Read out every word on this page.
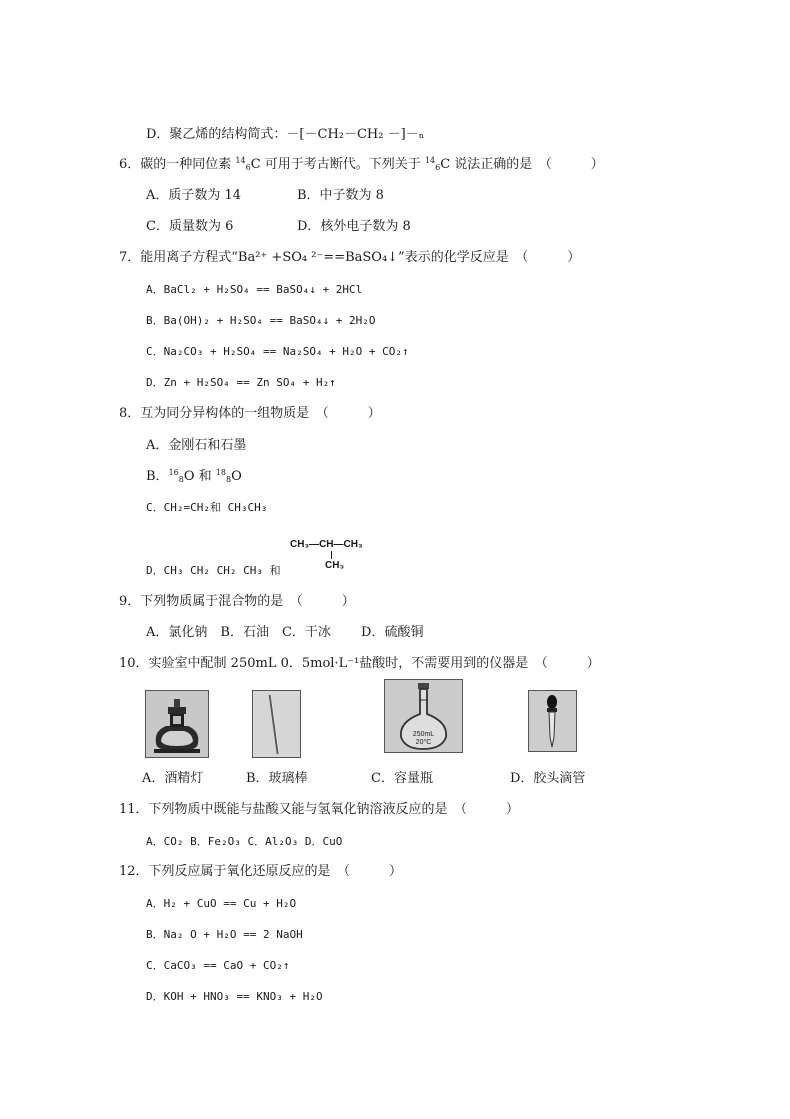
D．聚乙烯的结构简式：－[－CH₂－CH₂ －]－ₙ
6．碳的一种同位素 $^{14}_6$C 可用于考古断代。下列关于 $^{14}_6$C 说法正确的是　（　　　）
A．质子数为 14	B．中子数为 8
C．质量数为 6	D．核外电子数为 8
7．能用离子方程式“Ba²⁺ +SO₄ ²⁻==BaSO₄↓”表示的化学反应是　（　　　）
A．BaCl₂ + H₂SO₄ == BaSO₄↓ + 2HCl
B．Ba(OH)₂ + H₂SO₄ == BaSO₄↓ + 2H₂O
C．Na₂CO₃ + H₂SO₄ == Na₂SO₄ + H₂O + CO₂↑
D．Zn + H₂SO₄ == Zn SO₄ + H₂↑
8．互为同分异构体的一组物质是　（　　　）
A．金刚石和石墨
B．$^{16}_8$O 和 $^{18}_8$O
C．CH₂=CH₂和 CH₃CH₃
CH₃—CH—CH₃
CH₃
D．CH₃ CH₂ CH₂ CH₃ 和
9．下列物质属于混合物的是　（　　　）
A．氯化钠　B．石油　C．干冰　　 D．硫酸铜
10．实验室中配制 250mL 0．5mol·L⁻¹盐酸时，不需要用到的仪器是　（　　　）
250mL
20°C
A．酒精灯	B．玻璃棒	C．容量瓶	D．胶头滴管
11．下列物质中既能与盐酸又能与氢氧化钠溶液反应的是　（　　　）
A．CO₂ B．Fe₂O₃ C．Al₂O₃ D．CuO
12．下列反应属于氧化还原反应的是　（　　　）
A．H₂ + CuO == Cu + H₂O
B．Na₂ O + H₂O == 2 NaOH
C．CaCO₃ == CaO + CO₂↑
D．KOH + HNO₃ == KNO₃ + H₂O
